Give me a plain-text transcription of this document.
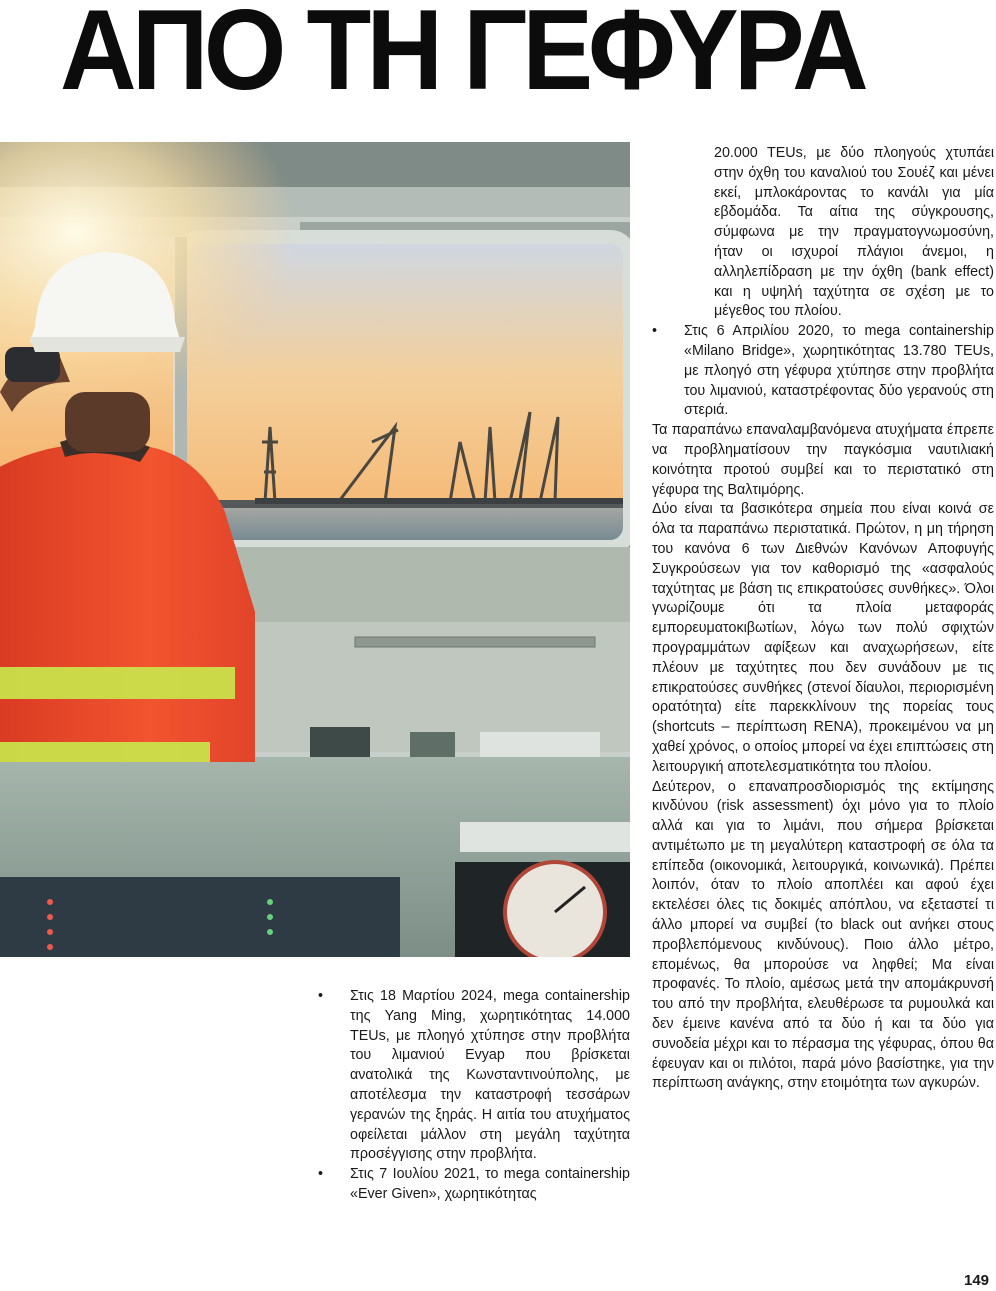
ΑΠΟ ΤΗ ΓΕΦΥΡΑ

20.000 TEUs, με δύο πλοηγούς χτυπάει στην όχθη του καναλιού του Σουέζ και μένει εκεί, μπλοκάροντας το κανάλι για μία εβδομάδα. Τα αίτια της σύγκρουσης, σύμφωνα με την πραγματογνωμοσύνη, ήταν οι ισχυροί πλάγιοι άνεμοι, η αλληλεπίδραση με την όχθη (bank effect) και η υψηλή ταχύτητα σε σχέση με το μέγεθος του πλοίου.

•	Στις 6 Απριλίου 2020, το mega containership «Milano Bridge», χωρητικότητας 13.780 TEUs, με πλοηγό στη γέφυρα χτύπησε στην προβλήτα του λιμανιού, καταστρέφοντας δύο γερανούς στη στεριά.

Τα παραπάνω επαναλαμβανόμενα ατυχήματα έπρεπε να προβληματίσουν την παγκόσμια ναυτιλιακή κοινότητα προτού συμβεί και το περιστατικό στη γέφυρα της Βαλτιμόρης.

Δύο είναι τα βασικότερα σημεία που είναι κοινά σε όλα τα παραπάνω περιστατικά. Πρώτον, η μη τήρηση του κανόνα 6 των Διεθνών Κανόνων Αποφυγής Συγκρούσεων για τον καθορισμό της «ασφαλούς ταχύτητας με βάση τις επικρατούσες συνθήκες». Όλοι γνωρίζουμε ότι τα πλοία μεταφοράς εμπορευματοκιβωτίων, λόγω των πολύ σφιχτών προγραμμάτων αφίξεων και αναχωρήσεων, είτε πλέουν με ταχύτητες που δεν συνάδουν με τις επικρατούσες συνθήκες (στενοί δίαυλοι, περιορισμένη ορατότητα) είτε παρεκκλίνουν της πορείας τους (shortcuts – περίπτωση RENA), προκειμένου να μη χαθεί χρόνος, ο οποίος μπορεί να έχει επιπτώσεις στη λειτουργική αποτελεσματικότητα του πλοίου.

Δεύτερον, ο επαναπροσδιορισμός της εκτίμησης κινδύνου (risk assessment) όχι μόνο για το πλοίο αλλά και για το λιμάνι, που σήμερα βρίσκεται αντιμέτωπο με τη μεγαλύτερη καταστροφή σε όλα τα επίπεδα (οικονομικά, λειτουργικά, κοινωνικά). Πρέπει λοιπόν, όταν το πλοίο αποπλέει και αφού έχει εκτελέσει όλες τις δοκιμές απόπλου, να εξεταστεί τι άλλο μπορεί να συμβεί (το black out ανήκει στους προβλεπόμενους κινδύνους). Ποιο άλλο μέτρο, επομένως, θα μπορούσε να ληφθεί; Μα είναι προφανές. Το πλοίο, αμέσως μετά την απομάκρυνσή του από την προβλήτα, ελευθέρωσε τα ρυμουλκά και δεν έμεινε κανένα από τα δύο ή και τα δύο για συνοδεία μέχρι και το πέρασμα της γέφυρας, όπου θα έφευγαν και οι πιλότοι, παρά μόνο βασίστηκε, για την περίπτωση ανάγκης, στην ετοιμότητα των αγκυρών.

•	Στις 18 Μαρτίου 2024, mega containership της Yang Ming, χωρητικότητας 14.000 TEUs, με πλοηγό χτύπησε στην προβλήτα του λιμανιού Evyap που βρίσκεται ανατολικά της Κωνσταντινούπολης, με αποτέλεσμα την καταστροφή τεσσάρων γερανών της ξηράς. Η αιτία του ατυχήματος οφείλεται μάλλον στη μεγάλη ταχύτητα προσέγγισης στην προβλήτα.
•	Στις 7 Ιουλίου 2021, το mega containership «Ever Given», χωρητικότητας
149
